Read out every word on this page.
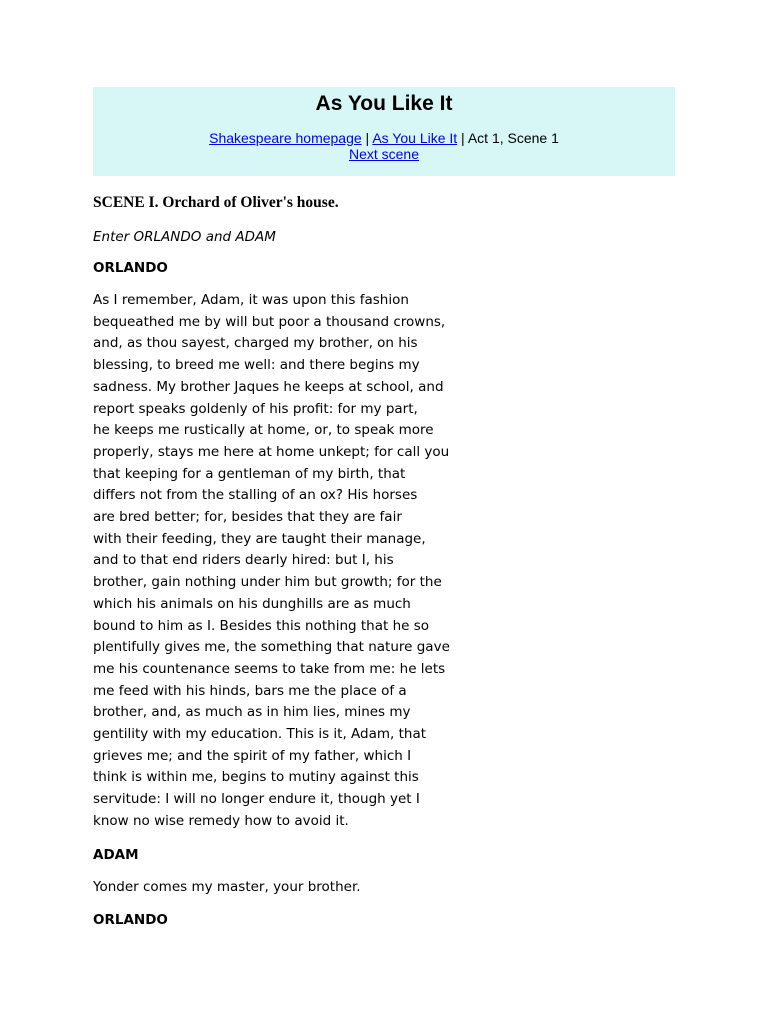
As You Like It
Shakespeare homepage | As You Like It | Act 1, Scene 1
Next scene
SCENE I. Orchard of Oliver's house.

Enter ORLANDO and ADAM

ORLANDO

As I remember, Adam, it was upon this fashion
bequeathed me by will but poor a thousand crowns,
and, as thou sayest, charged my brother, on his
blessing, to breed me well: and there begins my
sadness. My brother Jaques he keeps at school, and
report speaks goldenly of his profit: for my part,
he keeps me rustically at home, or, to speak more
properly, stays me here at home unkept; for call you
that keeping for a gentleman of my birth, that
differs not from the stalling of an ox? His horses
are bred better; for, besides that they are fair
with their feeding, they are taught their manage,
and to that end riders dearly hired: but I, his
brother, gain nothing under him but growth; for the
which his animals on his dunghills are as much
bound to him as I. Besides this nothing that he so
plentifully gives me, the something that nature gave
me his countenance seems to take from me: he lets
me feed with his hinds, bars me the place of a
brother, and, as much as in him lies, mines my
gentility with my education. This is it, Adam, that
grieves me; and the spirit of my father, which I
think is within me, begins to mutiny against this
servitude: I will no longer endure it, though yet I
know no wise remedy how to avoid it.

ADAM

Yonder comes my master, your brother.

ORLANDO
